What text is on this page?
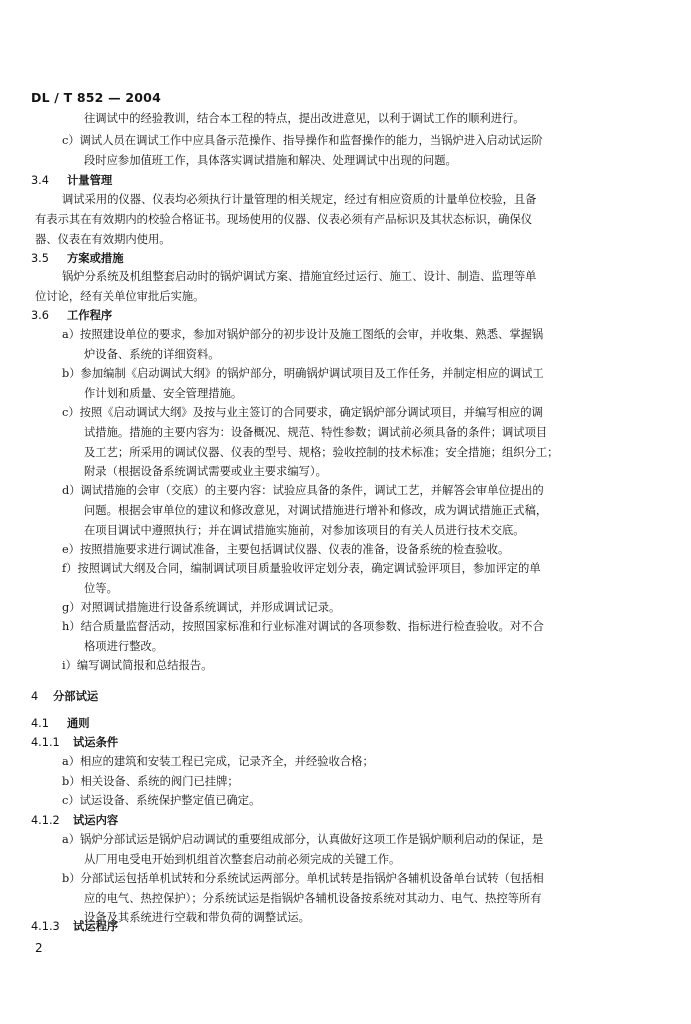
DL / T 852 — 2004
往调试中的经验教训，结合本工程的特点，提出改进意见，以利于调试工作的顺利进行。
c）调试人员在调试工作中应具备示范操作、指导操作和监督操作的能力，当锅炉进入启动试运阶
段时应参加值班工作，具体落实调试措施和解决、处理调试中出现的问题。
3.4 计量管理
调试采用的仪器、仪表均必须执行计量管理的相关规定，经过有相应资质的计量单位校验，且备
有表示其在有效期内的校验合格证书。现场使用的仪器、仪表必须有产品标识及其状态标识，确保仪
器、仪表在有效期内使用。
3.5 方案或措施
锅炉分系统及机组整套启动时的锅炉调试方案、措施宜经过运行、施工、设计、制造、监理等单
位讨论，经有关单位审批后实施。
3.6 工作程序
a）按照建设单位的要求，参加对锅炉部分的初步设计及施工图纸的会审，并收集、熟悉、掌握锅
炉设备、系统的详细资料。
b）参加编制《启动调试大纲》的锅炉部分，明确锅炉调试项目及工作任务，并制定相应的调试工
作计划和质量、安全管理措施。
c）按照《启动调试大纲》及按与业主签订的合同要求，确定锅炉部分调试项目，并编写相应的调
试措施。措施的主要内容为：设备概况、规范、特性参数；调试前必须具备的条件；调试项目
及工艺；所采用的调试仪器、仪表的型号、规格；验收控制的技术标准；安全措施；组织分工；
附录（根据设备系统调试需要或业主要求编写）。
d）调试措施的会审（交底）的主要内容：试验应具备的条件，调试工艺，并解答会审单位提出的
问题。根据会审单位的建议和修改意见，对调试措施进行增补和修改，成为调试措施正式稿，
在项目调试中遵照执行；并在调试措施实施前，对参加该项目的有关人员进行技术交底。
e）按照措施要求进行调试准备，主要包括调试仪器、仪表的准备，设备系统的检查验收。
f）按照调试大纲及合同，编制调试项目质量验收评定划分表，确定调试验评项目，参加评定的单
位等。
g）对照调试措施进行设备系统调试，并形成调试记录。
h）结合质量监督活动，按照国家标准和行业标准对调试的各项参数、指标进行检查验收。对不合
格项进行整改。
i）编写调试简报和总结报告。
4 分部试运
4.1 通则
4.1.1 试运条件
a）相应的建筑和安装工程已完成，记录齐全，并经验收合格；
b）相关设备、系统的阀门已挂牌；
c）试运设备、系统保护整定值已确定。
4.1.2 试运内容
a）锅炉分部试运是锅炉启动调试的重要组成部分，认真做好这项工作是锅炉顺利启动的保证，是
从厂用电受电开始到机组首次整套启动前必须完成的关键工作。
b）分部试运包括单机试转和分系统试运两部分。单机试转是指锅炉各辅机设备单台试转（包括相
应的电气、热控保护）；分系统试运是指锅炉各辅机设备按系统对其动力、电气、热控等所有
设备及其系统进行空载和带负荷的调整试运。
4.1.3 试运程序
2
